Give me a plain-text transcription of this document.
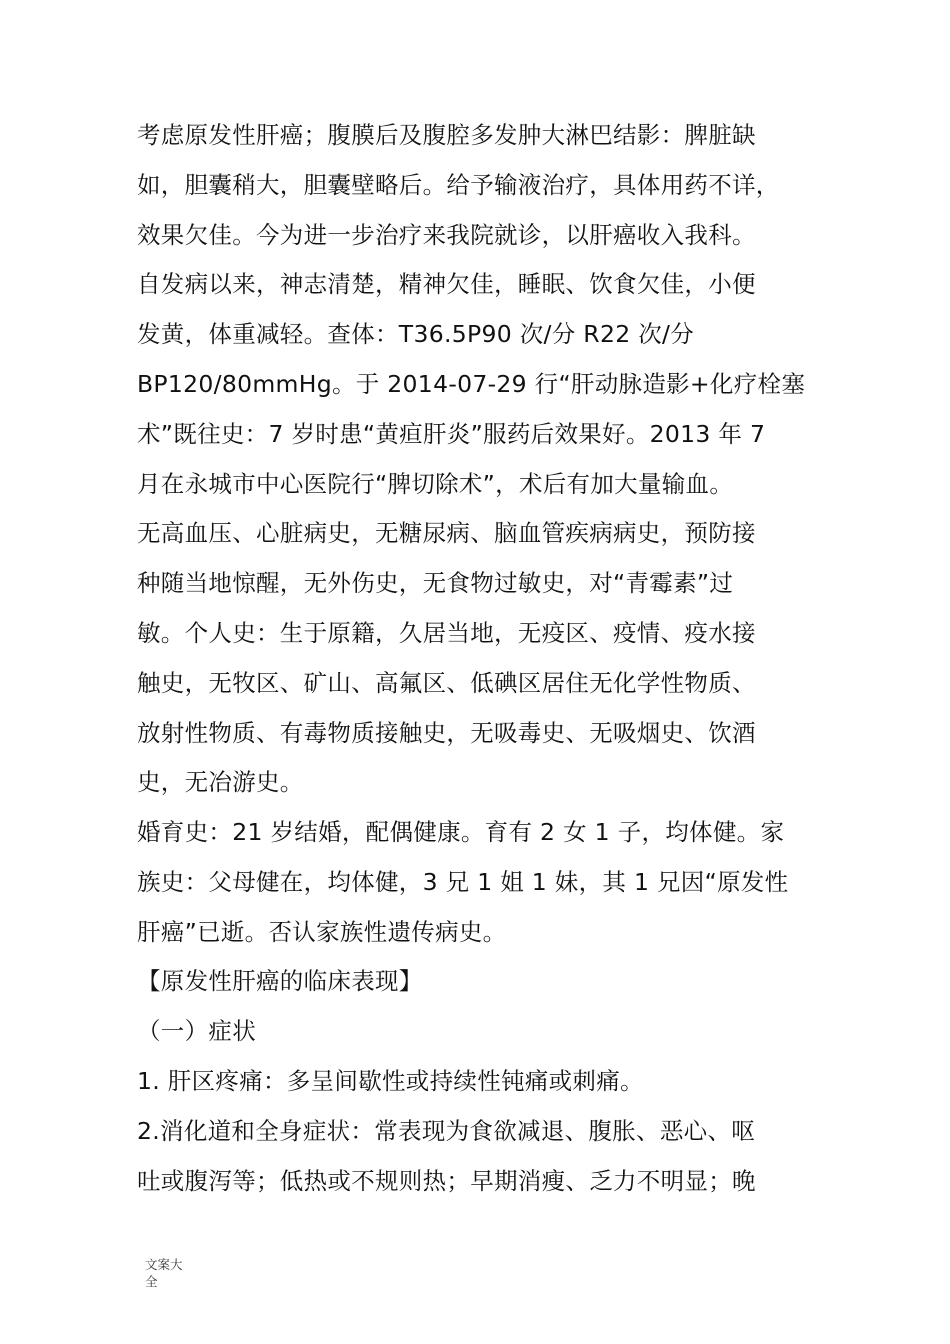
考虑原发性肝癌；腹膜后及腹腔多发肿大淋巴结影：脾脏缺
如，胆囊稍大，胆囊壁略后。给予输液治疗，具体用药不详，
效果欠佳。今为进一步治疗来我院就诊，以肝癌收入我科。
自发病以来，神志清楚，精神欠佳，睡眠、饮食欠佳，小便
发黄，体重减轻。查体：T36.5P90 次/分 R22 次/分
BP120/80mmHg。于 2014-07-29 行“肝动脉造影+化疗栓塞
术”既往史：7 岁时患“黄疸肝炎”服药后效果好。2013 年 7
月在永城市中心医院行“脾切除术”，术后有加大量输血。
无高血压、心脏病史，无糖尿病、脑血管疾病病史，预防接
种随当地惊醒，无外伤史，无食物过敏史，对“青霉素”过
敏。个人史：生于原籍，久居当地，无疫区、疫情、疫水接
触史，无牧区、矿山、高氟区、低碘区居住无化学性物质、
放射性物质、有毒物质接触史，无吸毒史、无吸烟史、饮酒
史，无冶游史。
婚育史：21 岁结婚，配偶健康。育有 2 女 1 子，均体健。家
族史：父母健在，均体健，3 兄 1 姐 1 妹，其 1 兄因“原发性
肝癌”已逝。否认家族性遗传病史。
【原发性肝癌的临床表现】
（一）症状
1. 肝区疼痛：多呈间歇性或持续性钝痛或刺痛。
2.消化道和全身症状：常表现为食欲减退、腹胀、恶心、呕
吐或腹泻等；低热或不规则热；早期消瘦、乏力不明显；晚
文案大全
